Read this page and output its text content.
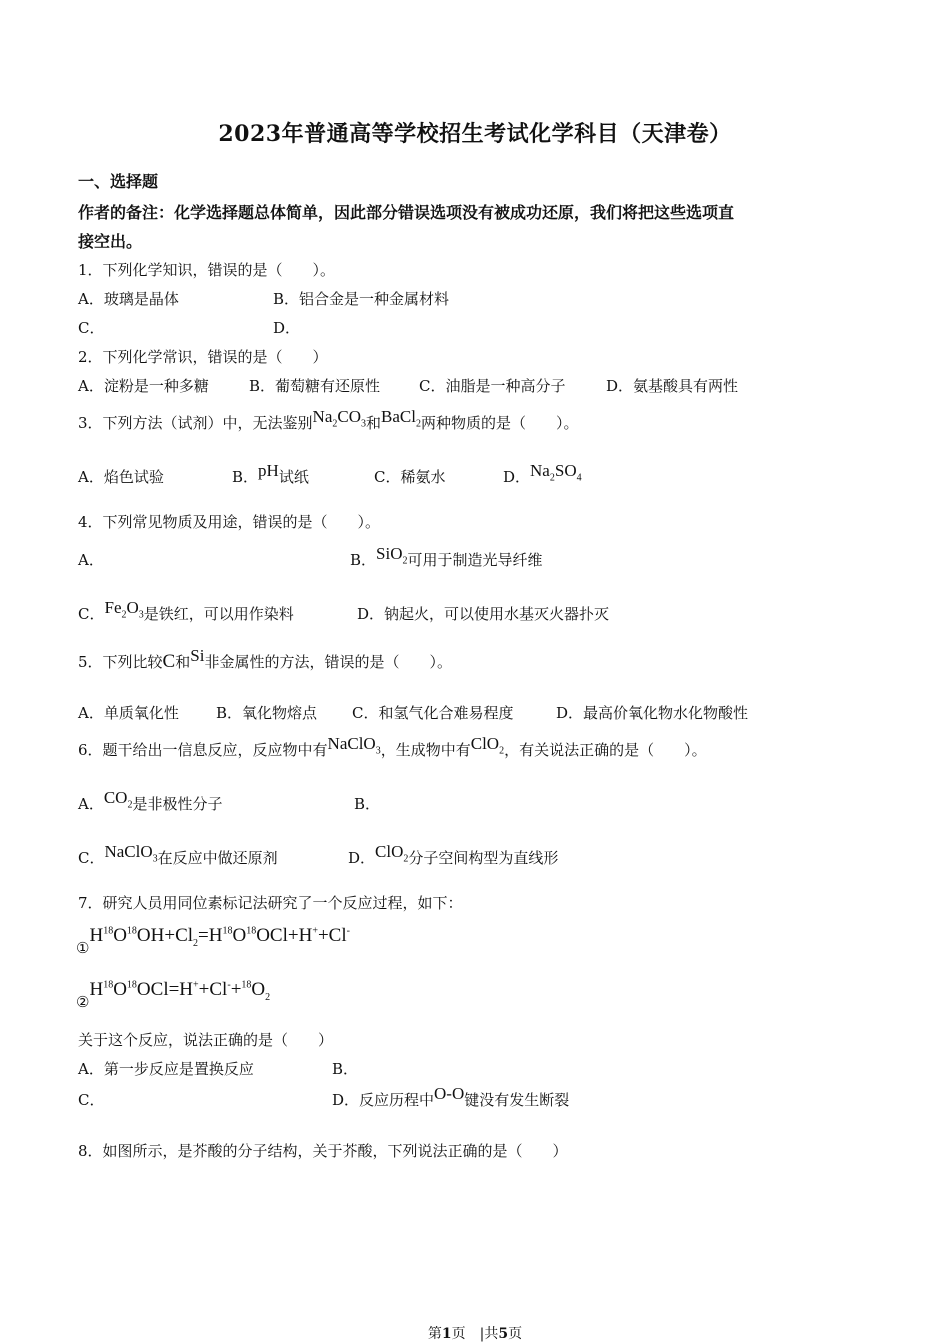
2023年普通高等学校招生考试化学科目（天津卷）
一、选择题
作者的备注：化学选择题总体简单，因此部分错误选项没有被成功还原，我们将把这些选项直
接空出。
1．下列化学知识，错误的是（　　）。
A．玻璃是晶体	B．铝合金是一种金属材料
C．	D．
2．下列化学常识，错误的是（　　）
A．淀粉是一种多糖	B．葡萄糖有还原性	C．油脂是一种高分子	D．氨基酸具有两性
3．下列方法（试剂）中，无法鉴别$Na_2CO_3$和BaCl$_2$两种物质的是（　　）。
A．焰色试验	B．pH试纸	C．稀氨水	D．$Na_2SO_4$
4．下列常见物质及用途，错误的是（　　）。
A．	B．SiO$_2$可用于制造光导纤维
C．$Fe_2O_3$是铁红，可以用作染料	D．钠起火，可以使用水基灭火器扑灭
5．下列比较C和Si非金属性的方法，错误的是（　　）。
A．单质氧化性 B．氧化物熔点 C．和氢气化合难易程度	D．最高价氧化物水化物酸性
6．题干给出一信息反应，反应物中有NaClO$_3$，生成物中有ClO$_2$，有关说法正确的是（　　）。
A．$CO_2$是非极性分子	B．
C．NaClO$_3$在反应中做还原剂	D．ClO$_2$分子空间构型为直线形
7．研究人员用同位素标记法研究了一个反应过程，如下：
$①H^{18}O^{18}OH+Cl_2=H^{18}O^{18}OCl+H^++Cl^-$
$②H^{18}O^{18}OCl=H^++Cl^-+^{18}O_2$
关于这个反应，说法正确的是（　　）
A．第一步反应是置换反应	B．
C．	D．反应历程中O-O键没有发生断裂
8．如图所示，是芥酸的分子结构，关于芥酸，下列说法正确的是（　　）
第1页　|共5页
